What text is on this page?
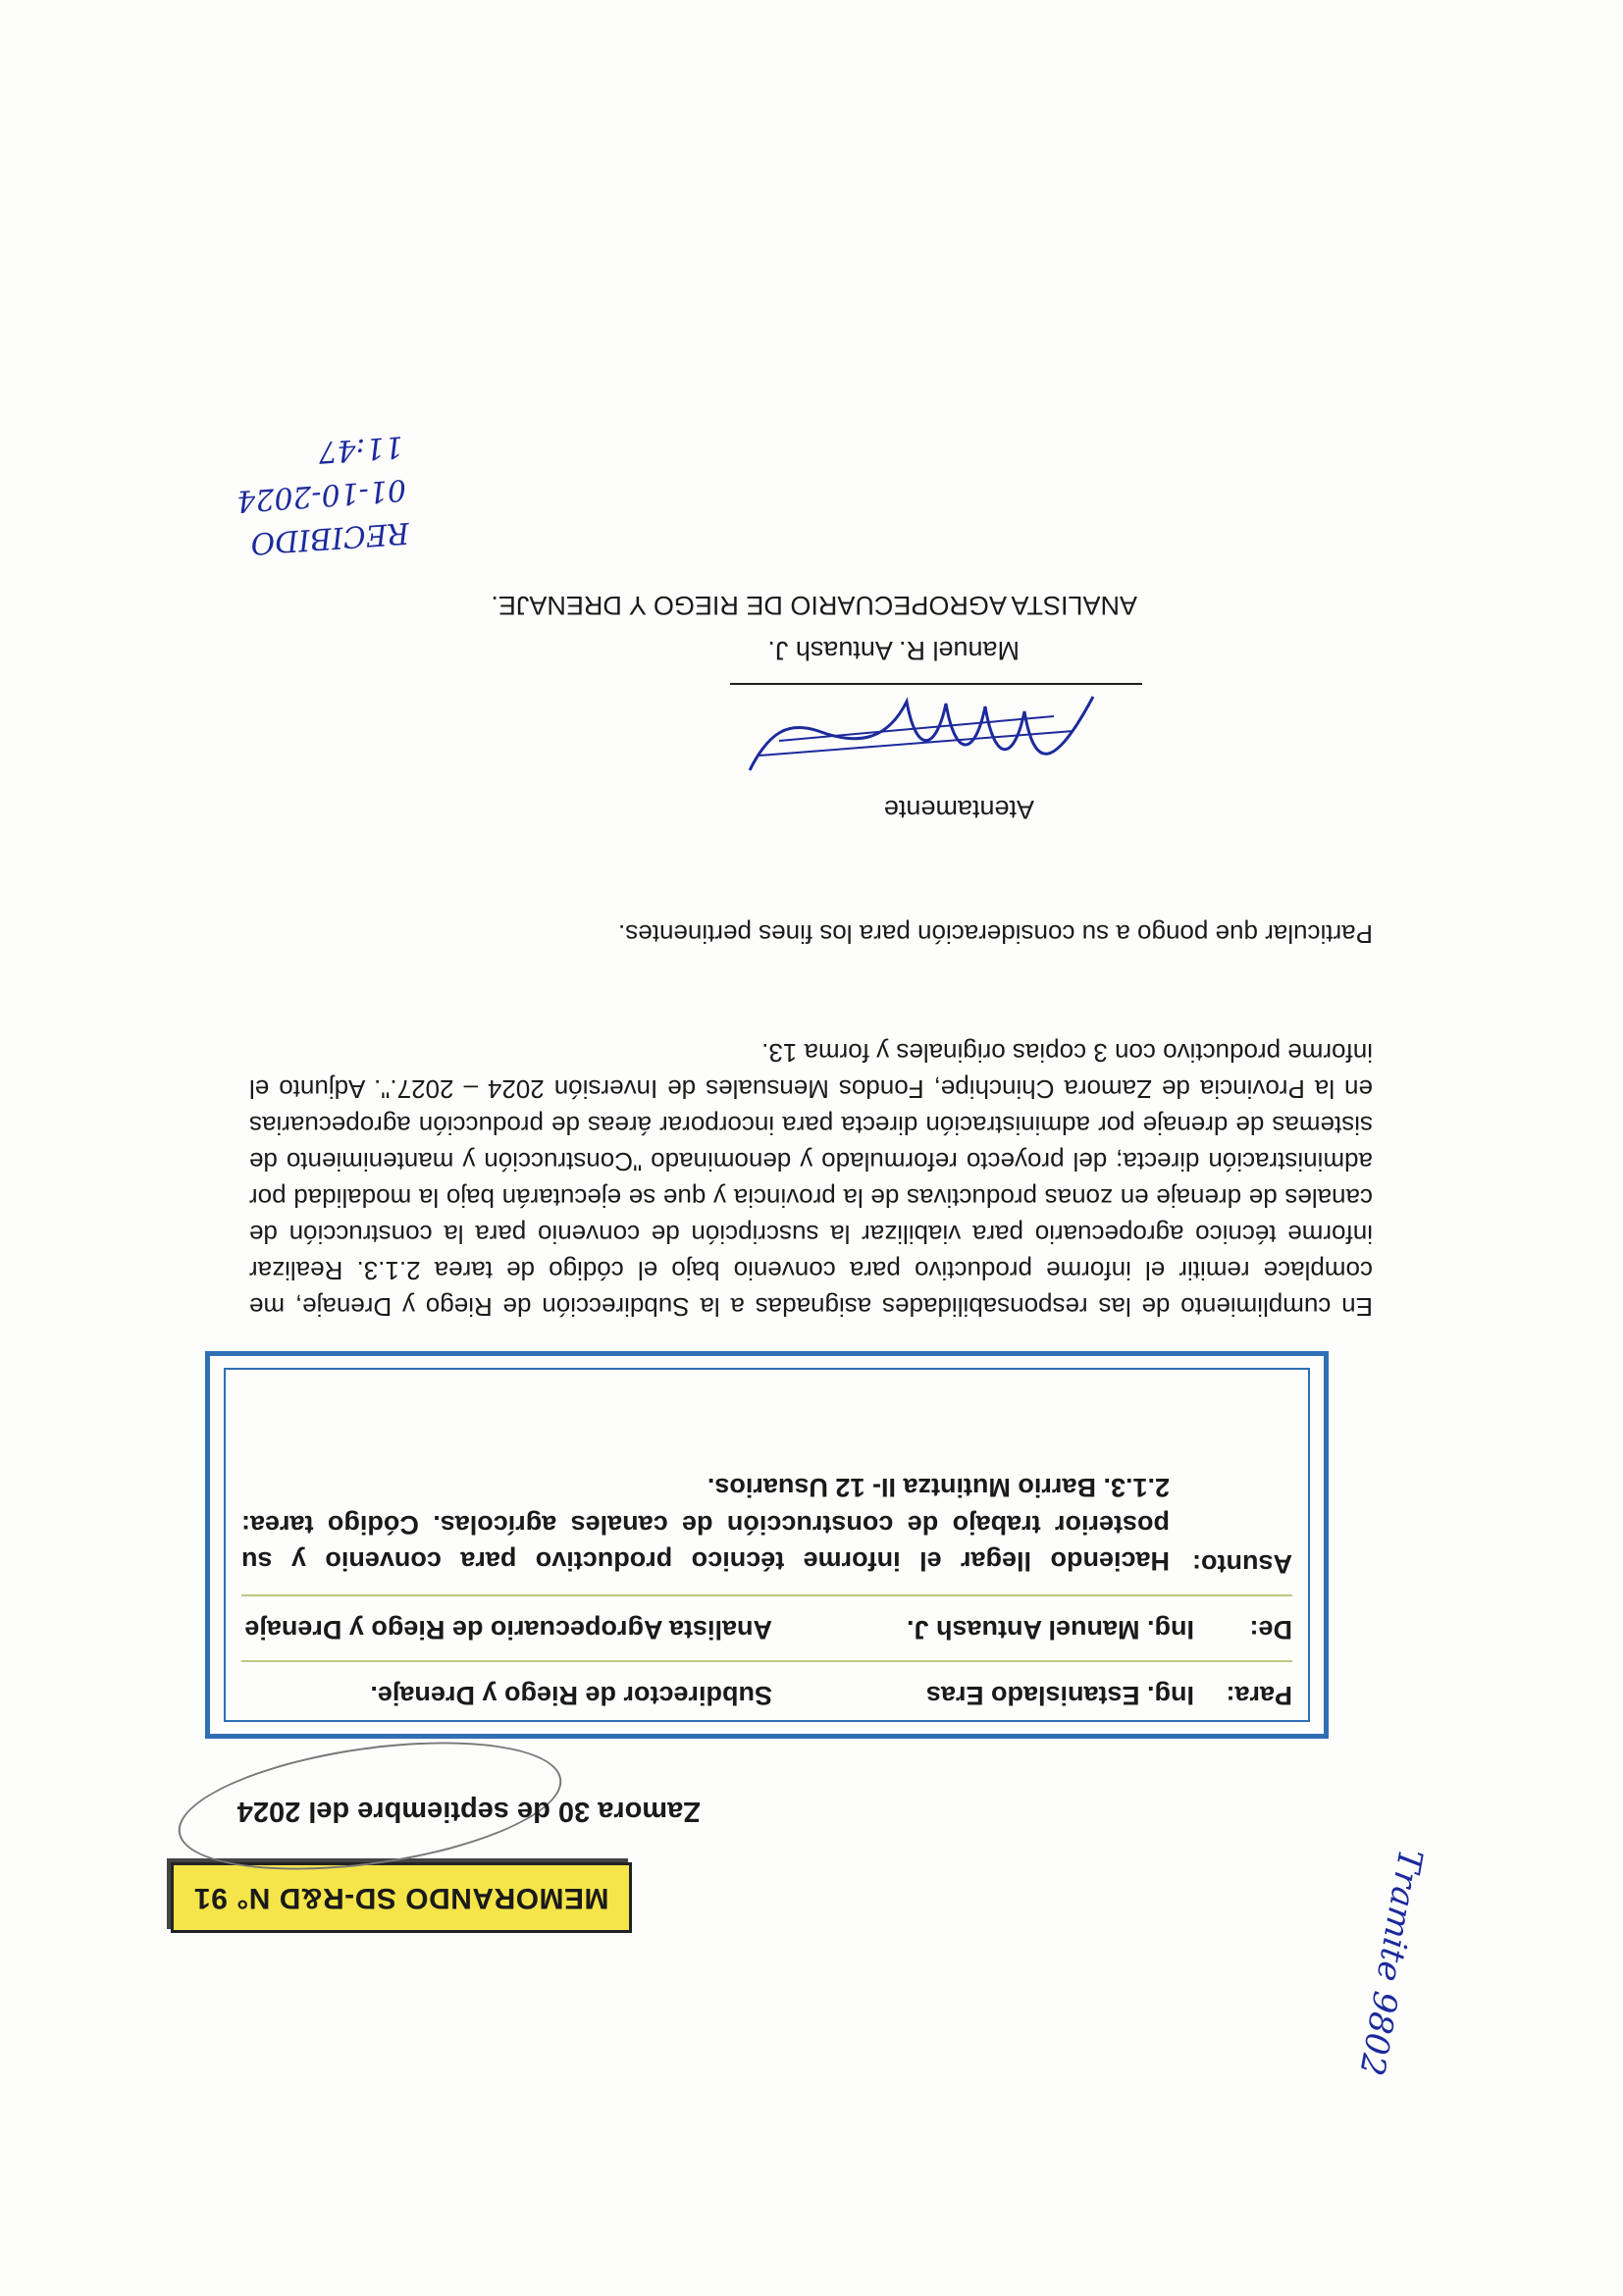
MEMORANDO SD-R&D N° 91
Zamora 30 de septiembre del 2024
Para:
Ing. Estanislado Eras
Subdirector de Riego y Drenaje.
De:
Ing. Manuel Antuash J.
Analista Agropecuario de Riego y Drenaje
Asunto:
Haciendo llegar el informe técnico productivo para convenio y su posterior trabajo de construcción de canales agrícolas. Código tarea: 2.1.3. Barrio Mutintza II- 12 Usuarios.
En cumplimiento de las responsabilidades asignadas a la Subdirección de Riego y Drenaje, me complace remitir el informe productivo para convenio bajo el código de tarea 2.1.3. Realizar informe técnico agropecuario para viabilizar la suscripción de convenio para la construcción de canales de drenaje en zonas productivas de la provincia y que se ejecutarán bajo la modalidad por administración directa; del proyecto reformulado y denominado "Construcción y mantenimiento de sistemas de drenaje por administración directa para incorporar áreas de producción agropecuarias en la Provincia de Zamora Chinchipe, Fondos Mensuales de Inversión 2024 – 2027.". Adjunto el informe productivo con 3 copias originales y forma 13.
Particular que pongo a su consideración para los fines pertinentes.
Atentamente
Manuel R. Antuash J.
ANALISTA AGROPECUARIO DE RIEGO Y DRENAJE.
RECIBIDO
01-10-2024
11:47
Tramite 9802
